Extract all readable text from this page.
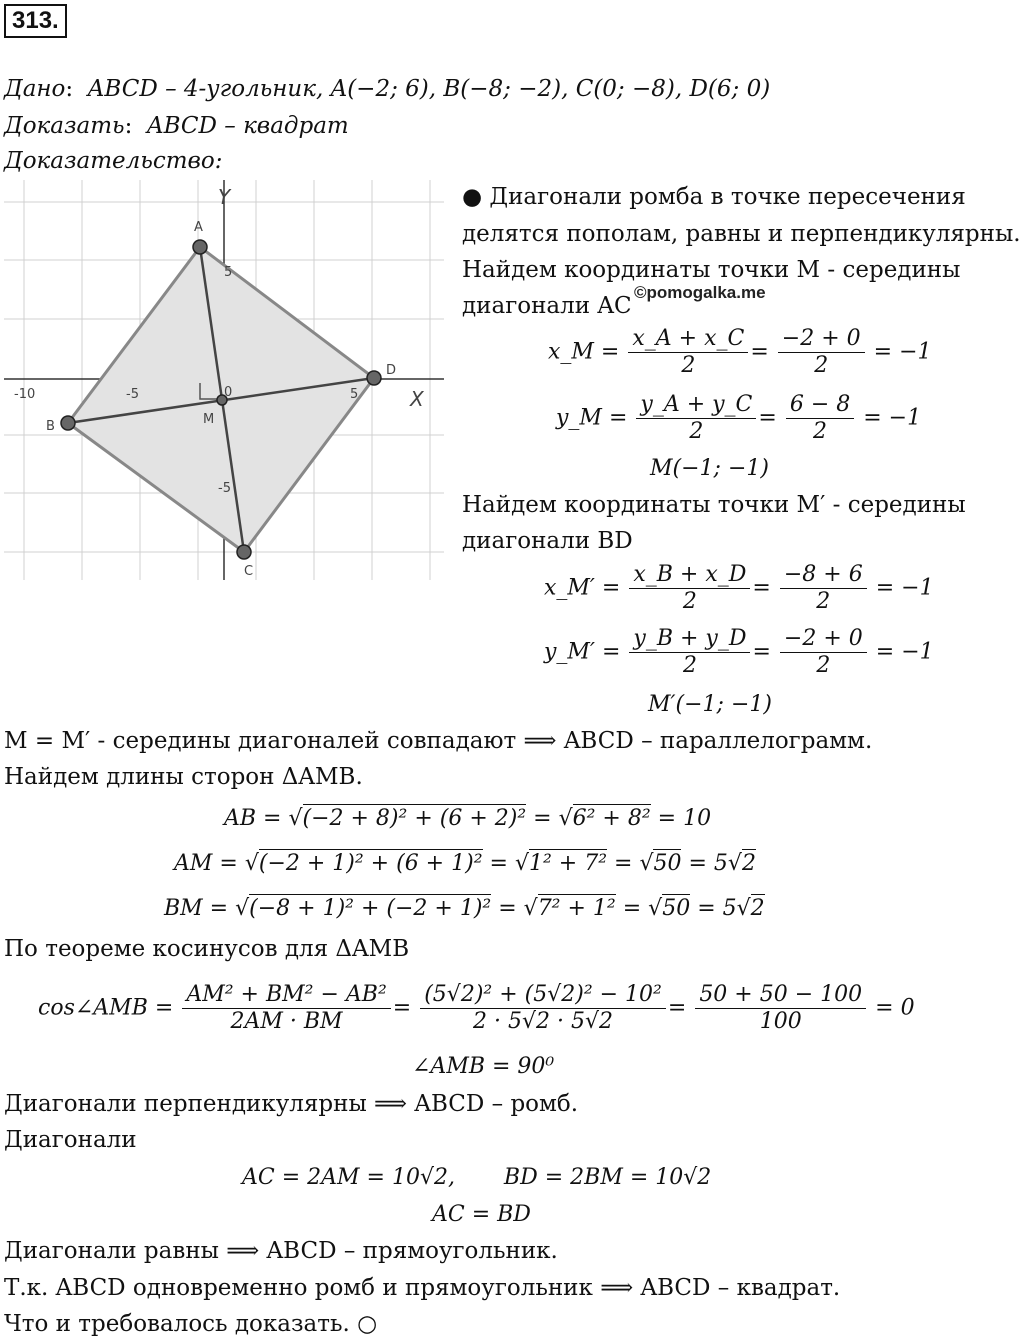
313.
Дано:  ABCD – 4-угольник, A(−2; 6), B(−8; −2), C(0; −8), D(6; 0)
Доказать:  ABCD – квадрат
Доказательство:
A
B
C
D
M
-10	-5	0	5
5
-5
Y
X
● Диагонали ромба в точке пересечения
делятся пополам, равны и перпендикулярны.
Найдем координаты точки M - середины
©pomogalka.me
диагонали AC
x_M = $\frac{x\_A + x\_C}{2} = \frac{-2 + 0}{2} = -1$
y_M = $\frac{y\_A + y\_C}{2} = \frac{6 - 8}{2} = -1$
M(−1; −1)
Найдем координаты точки M′ - середины
диагонали BD
x_M′ = $\frac{x\_B + x\_D}{2} = \frac{-8 + 6}{2} = -1$
y_M′ = $\frac{y\_B + y\_D}{2} = \frac{-2 + 0}{2} = -1$
M′(−1; −1)
M = M′ - середины диагоналей совпадают ⟹ ABCD – параллелограмм.
Найдем длины сторон ΔAMB.
AB = √(−2 + 8)² + (6 + 2)² = √6² + 8² = 10
AM = √(−2 + 1)² + (6 + 1)² = √1² + 7² = √50 = 5√2
BM = √(−8 + 1)² + (−2 + 1)² = √7² + 1² = √50 = 5√2
По теореме косинусов для ΔAMB
cos∠AMB = $\frac{\text{AM² + BM² − AB²}}{2AM \cdot BM} = \frac{\text{(5√2)² + (5√2)² − 10²}}{2 \cdot 5√2 \cdot 5√2} = \frac{50 + 50 - 100}{100} = 0$
∠AMB = 90⁰
Диагонали перпендикулярны ⟹ ABCD – ромб.
Диагонали
AC = 2AM = 10√2,       BD = 2BM = 10√2
AC = BD
Диагонали равны ⟹ ABCD – прямоугольник.
Т.к. ABCD одновременно ромб и прямоугольник ⟹ ABCD – квадрат.
Что и требовалось доказать. ○
